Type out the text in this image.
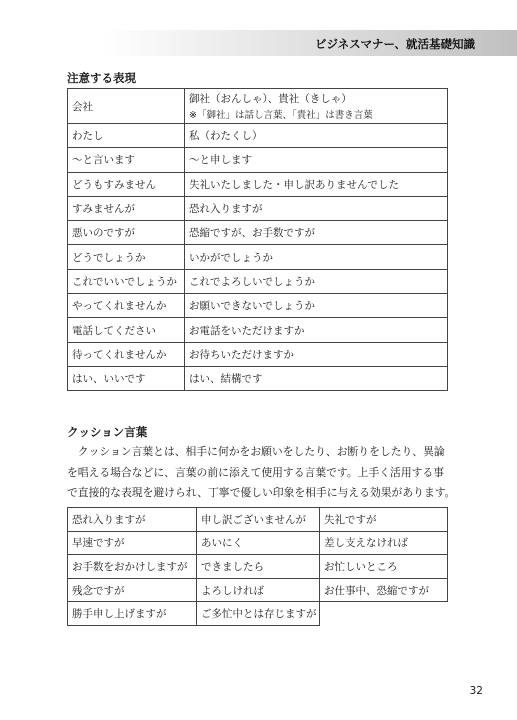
ビジネスマナー、就活基礎知識
注意する表現
会社	御社（おんしゃ）、貴社（きしゃ）
※「御社」は話し言葉、「貴社」は書き言葉

わたし	私（わたくし）
〜と言います	〜と申します
どうもすみません	失礼いたしました・申し訳ありませんでした
すみませんが	恐れ入りますが
悪いのですが	恐縮ですが、お手数ですが
どうでしょうか	いかがでしょうか
これでいいでしょうか	これでよろしいでしょうか
やってくれませんか	お願いできないでしょうか
電話してください	お電話をいただけますか
待ってくれませんか	お待ちいただけますか
はい、いいです	はい、結構です
クッション言葉
　クッション言葉とは、相手に何かをお願いをしたり、お断りをしたり、異論
を唱える場合などに、言葉の前に添えて使用する言葉です。上手く活用する事
で直接的な表現を避けられ、丁寧で優しい印象を相手に与える効果があります。
恐れ入りますが	申し訳ございませんが	失礼ですが
早速ですが	あいにく	差し支えなければ
お手数をおかけしますが	できましたら	お忙しいところ
残念ですが	よろしければ	お仕事中、恐縮ですが
勝手申し上げますが	ご多忙中とは存じますが	
32
